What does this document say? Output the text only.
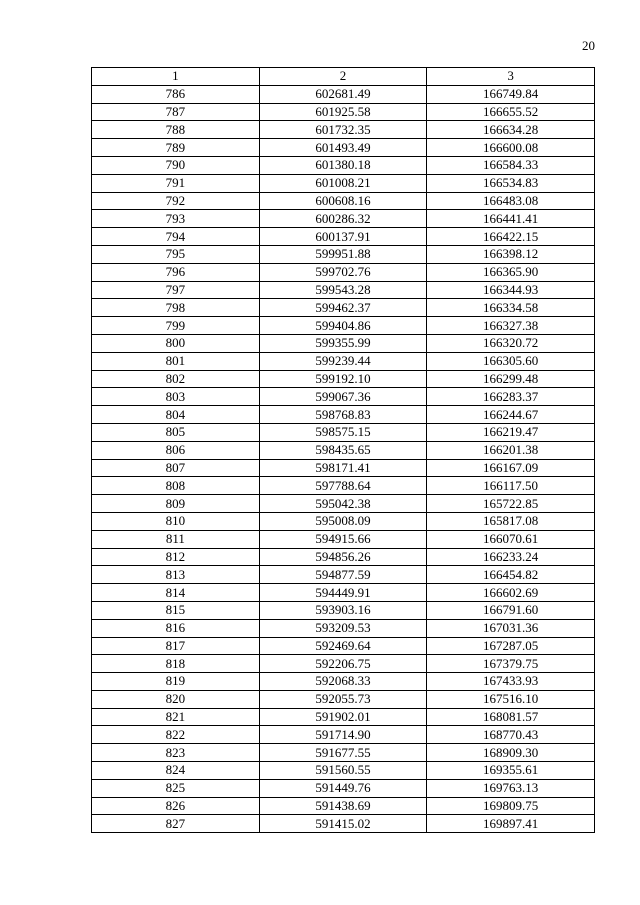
20
1	2	3
786	602681.49	166749.84
787	601925.58	166655.52
788	601732.35	166634.28
789	601493.49	166600.08
790	601380.18	166584.33
791	601008.21	166534.83
792	600608.16	166483.08
793	600286.32	166441.41
794	600137.91	166422.15
795	599951.88	166398.12
796	599702.76	166365.90
797	599543.28	166344.93
798	599462.37	166334.58
799	599404.86	166327.38
800	599355.99	166320.72
801	599239.44	166305.60
802	599192.10	166299.48
803	599067.36	166283.37
804	598768.83	166244.67
805	598575.15	166219.47
806	598435.65	166201.38
807	598171.41	166167.09
808	597788.64	166117.50
809	595042.38	165722.85
810	595008.09	165817.08
811	594915.66	166070.61
812	594856.26	166233.24
813	594877.59	166454.82
814	594449.91	166602.69
815	593903.16	166791.60
816	593209.53	167031.36
817	592469.64	167287.05
818	592206.75	167379.75
819	592068.33	167433.93
820	592055.73	167516.10
821	591902.01	168081.57
822	591714.90	168770.43
823	591677.55	168909.30
824	591560.55	169355.61
825	591449.76	169763.13
826	591438.69	169809.75
827	591415.02	169897.41
